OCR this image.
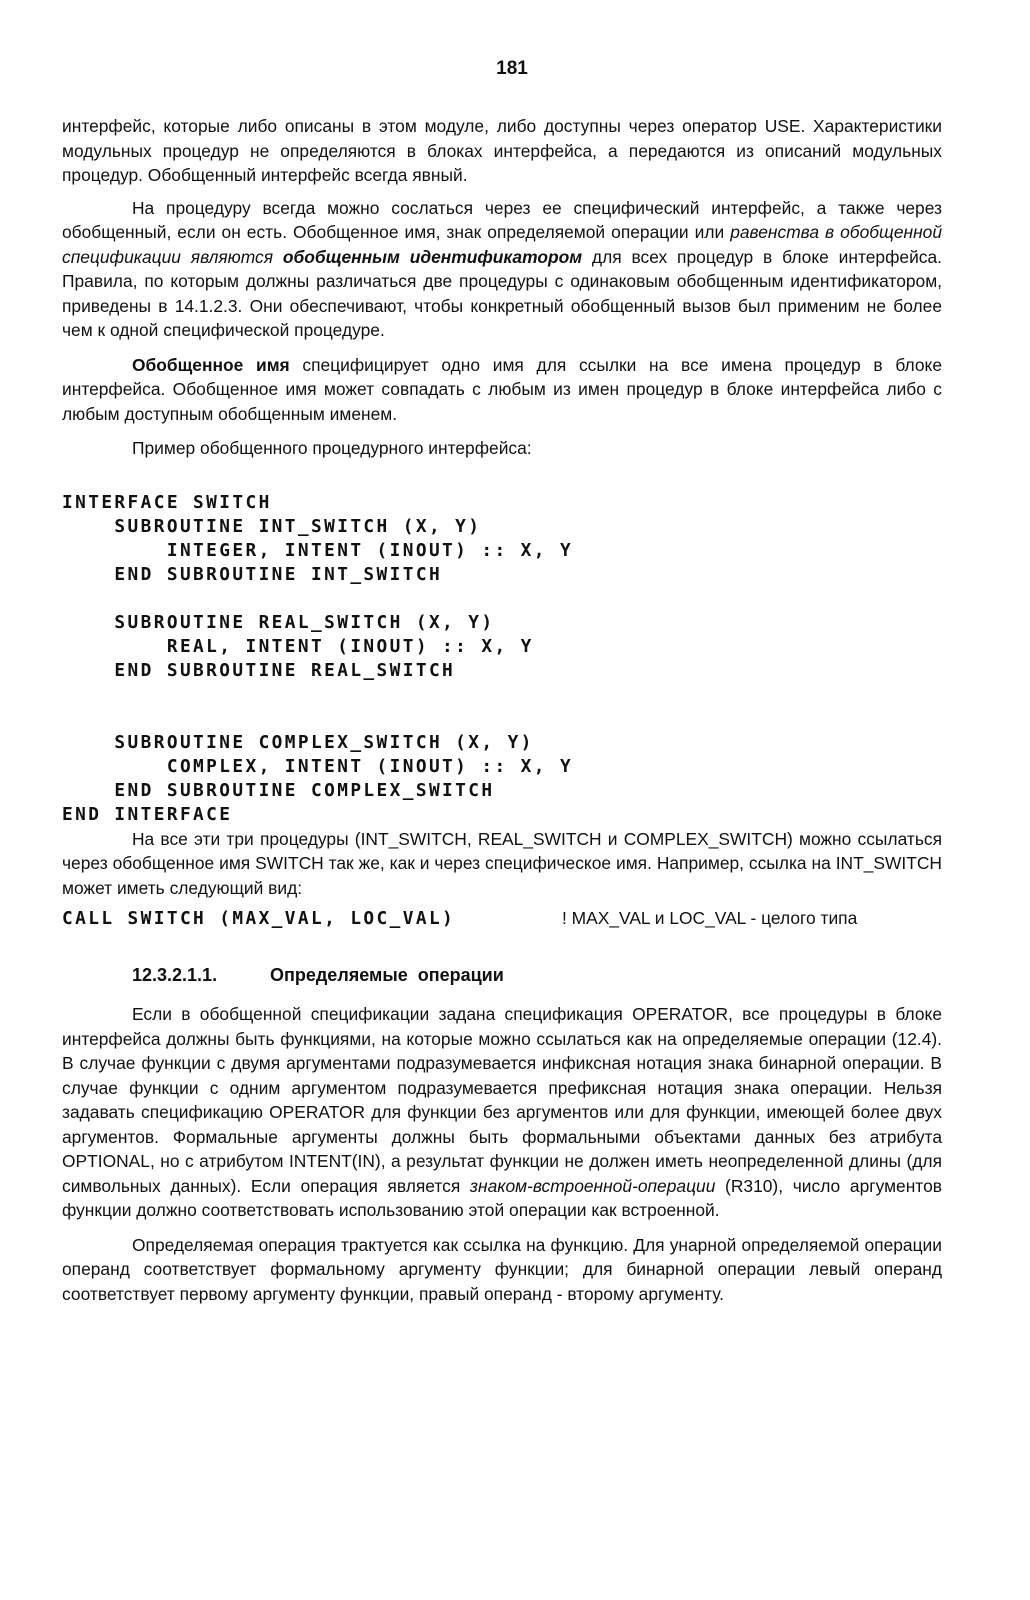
181

интерфейс, которые либо описаны в этом модуле, либо доступны через оператор USE. Характеристики модульных процедур не определяются в блоках интерфейса, а передаются из описаний модульных процедур. Обобщенный интерфейс всегда явный.

На процедуру всегда можно сослаться через ее специфический интерфейс, а также через обобщенный, если он есть. Обобщенное имя, знак определяемой операции или равенства в обобщенной спецификации являются обобщенным идентификатором для всех процедур в блоке интерфейса. Правила, по которым должны различаться две процедуры с одинаковым обобщенным идентификатором, приведены в 14.1.2.3. Они обеспечивают, чтобы конкретный обобщенный вызов был применим не более чем к одной специфической процедуре.

Обобщенное имя специфицирует одно имя для ссылки на все имена процедур в блоке интерфейса. Обобщенное имя может совпадать с любым из имен процедур в блоке интерфейса либо с любым доступным обобщенным именем.

Пример обобщенного процедурного интерфейса:

INTERFACE SWITCH
SUBROUTINE INT_SWITCH (X, Y)
INTEGER, INTENT (INOUT) :: X, Y
END SUBROUTINE INT_SWITCH

SUBROUTINE REAL_SWITCH (X, Y)
REAL, INTENT (INOUT) :: X, Y
END SUBROUTINE REAL_SWITCH

SUBROUTINE COMPLEX_SWITCH (X, Y)
COMPLEX, INTENT (INOUT) :: X, Y
END SUBROUTINE COMPLEX_SWITCH
END INTERFACE

На все эти три процедуры (INT_SWITCH, REAL_SWITCH и COMPLEX_SWITCH) можно ссылаться через обобщенное имя SWITCH так же, как и через специфическое имя. Например, ссылка на INT_SWITCH может иметь следующий вид:

CALL SWITCH (MAX_VAL, LOC_VAL)	! MAX_VAL и LOC_VAL - целого типа
12.3.2.1.1.	Определяемые  операции

Если в обобщенной спецификации задана спецификация OPERATOR, все процедуры в блоке интерфейса должны быть функциями, на которые можно ссылаться как на определяемые операции (12.4). В случае функции с двумя аргументами подразумевается инфиксная нотация знака бинарной операции. В случае функции с одним аргументом подразумевается префиксная нотация знака операции. Нельзя задавать спецификацию OPERATOR для функции без аргументов или для функции, имеющей более двух аргументов. Формальные аргументы должны быть формальными объектами данных без атрибута OPTIONAL, но с атрибутом INTENT(IN), а результат функции не должен иметь неопределенной длины (для символьных данных). Если операция является знаком-встроенной-операции (R310), число аргументов функции должно соответствовать использованию этой операции как встроенной.

Определяемая операция трактуется как ссылка на функцию. Для унарной определяемой операции операнд соответствует формальному аргументу функции; для бинарной операции левый операнд соответствует первому аргументу функции, правый операнд - второму аргументу.
